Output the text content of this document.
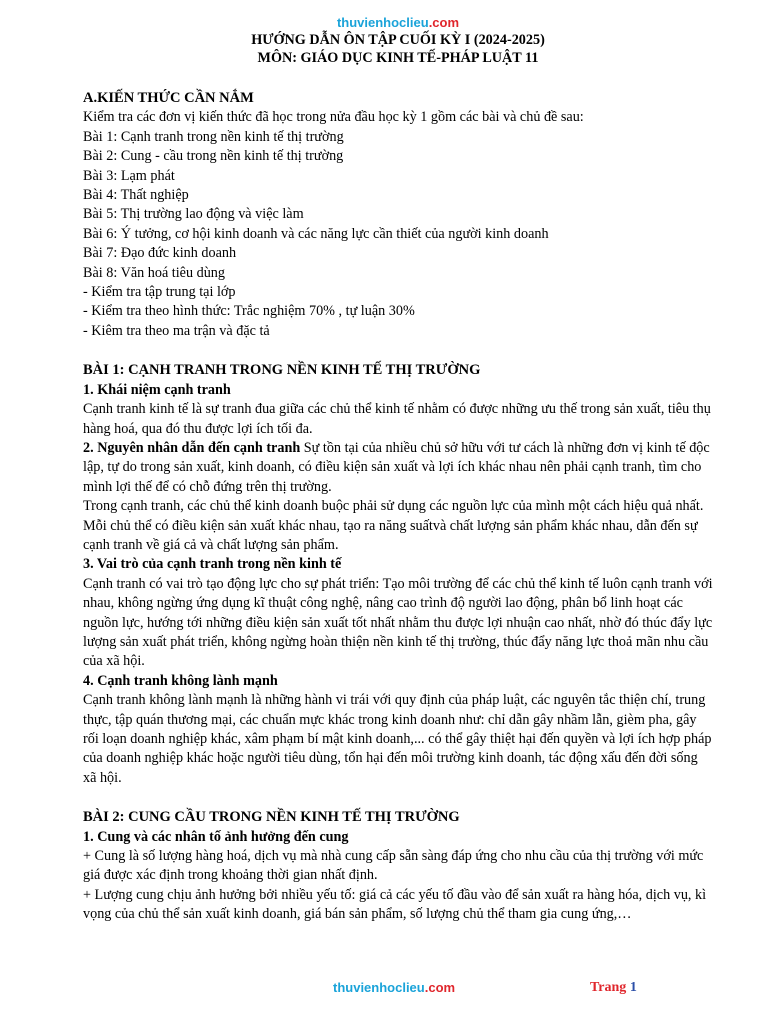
thuvienhoclieu.com
HƯỚNG DẪN ÔN TẬP CUỐI KỲ I (2024-2025)
MÔN: GIÁO DỤC KINH TẾ-PHÁP LUẬT 11
A.KIẾN THỨC CẦN NẮM

Kiểm tra các đơn vị kiến thức đã học trong nửa đầu học kỳ 1 gồm các bài và chủ đề sau:

Bài 1: Cạnh tranh trong nền kinh tế thị trường

Bài 2: Cung - cầu trong nền kinh tế thị trường

Bài 3: Lạm phát

Bài 4: Thất nghiệp

Bài 5: Thị trường lao động và việc làm

Bài 6: Ý tưởng, cơ hội kinh doanh và các năng lực cần thiết của người kinh doanh

Bài 7: Đạo đức kinh doanh

Bài 8: Văn hoá tiêu dùng

- Kiểm tra tập trung tại lớp

- Kiểm tra theo hình thức: Trắc nghiệm 70% , tự luận 30%

- Kiêm tra theo ma trận và đặc tả

BÀI 1: CẠNH TRANH TRONG NỀN KINH TẾ THỊ TRƯỜNG
1. Khái niệm cạnh tranh

Cạnh tranh kinh tế là sự tranh đua giữa các chủ thể kinh tế nhằm có được những ưu thế trong sản xuất, tiêu thụ hàng hoá, qua đó thu được lợi ích tối đa.

2. Nguyên nhân dẫn đến cạnh tranh Sự tồn tại của nhiều chủ sở hữu với tư cách là những đơn vị kinh tế độc lập, tự do trong sản xuất, kinh doanh, có điều kiện sản xuất và lợi ích khác nhau nên phải cạnh tranh, tìm cho mình lợi thế để có chỗ đứng trên thị trường.

Trong cạnh tranh, các chủ thể kinh doanh buộc phải sử dụng các nguồn lực của mình một cách hiệu quả nhất. Mỗi chủ thể có điều kiện sản xuất khác nhau, tạo ra năng suấtvà chất lượng sản phẩm khác nhau, dẫn đến sự cạnh tranh về giá cả và chất lượng sản phẩm.

3. Vai trò của cạnh tranh trong nền kinh tế

Cạnh tranh có vai trò tạo động lực cho sự phát triển: Tạo môi trường để các chủ thể kinh tế luôn cạnh tranh với nhau, không ngừng ứng dụng kĩ thuật công nghệ, nâng cao trình độ người lao động, phân bổ linh hoạt các nguồn lực, hướng tới những điều kiện sản xuất tốt nhất nhằm thu được lợi nhuận cao nhất, nhờ đó thúc đẩy lực lượng sản xuất phát triển, không ngừng hoàn thiện nền kinh tế thị trường, thúc đẩy năng lực thoả mãn nhu cầu của xã hội.

4. Cạnh tranh không lành mạnh

Cạnh tranh không lành mạnh là những hành vi trái với quy định của pháp luật, các nguyên tắc thiện chí, trung thực, tập quán thương mại, các chuẩn mực khác trong kinh doanh như: chỉ dẫn gây nhầm lẫn, gièm pha, gây rối loạn doanh nghiệp khác, xâm phạm bí mật kinh doanh,... có thể gây thiệt hại đến quyền và lợi ích hợp pháp của doanh nghiệp khác hoặc người tiêu dùng, tổn hại đến môi trường kinh doanh, tác động xấu đến đời sống xã hội.

BÀI 2: CUNG CẦU TRONG NỀN KINH TẾ THỊ TRƯỜNG
1. Cung và các nhân tố ảnh hưởng đến cung

+ Cung là số lượng hàng hoá, dịch vụ mà nhà cung cấp sẵn sàng đáp ứng cho nhu cầu của thị trường với mức giá được xác định trong khoảng thời gian nhất định.

+ Lượng cung chịu ảnh hưởng bởi nhiều yếu tố: giá cả các yếu tố đầu vào để sản xuất ra hàng hóa, dịch vụ, kì vọng của chủ thể sản xuất kinh doanh, giá bán sản phẩm, số lượng chủ thể tham gia cung ứng,…

thuvienhoclieu.com	Trang 1
